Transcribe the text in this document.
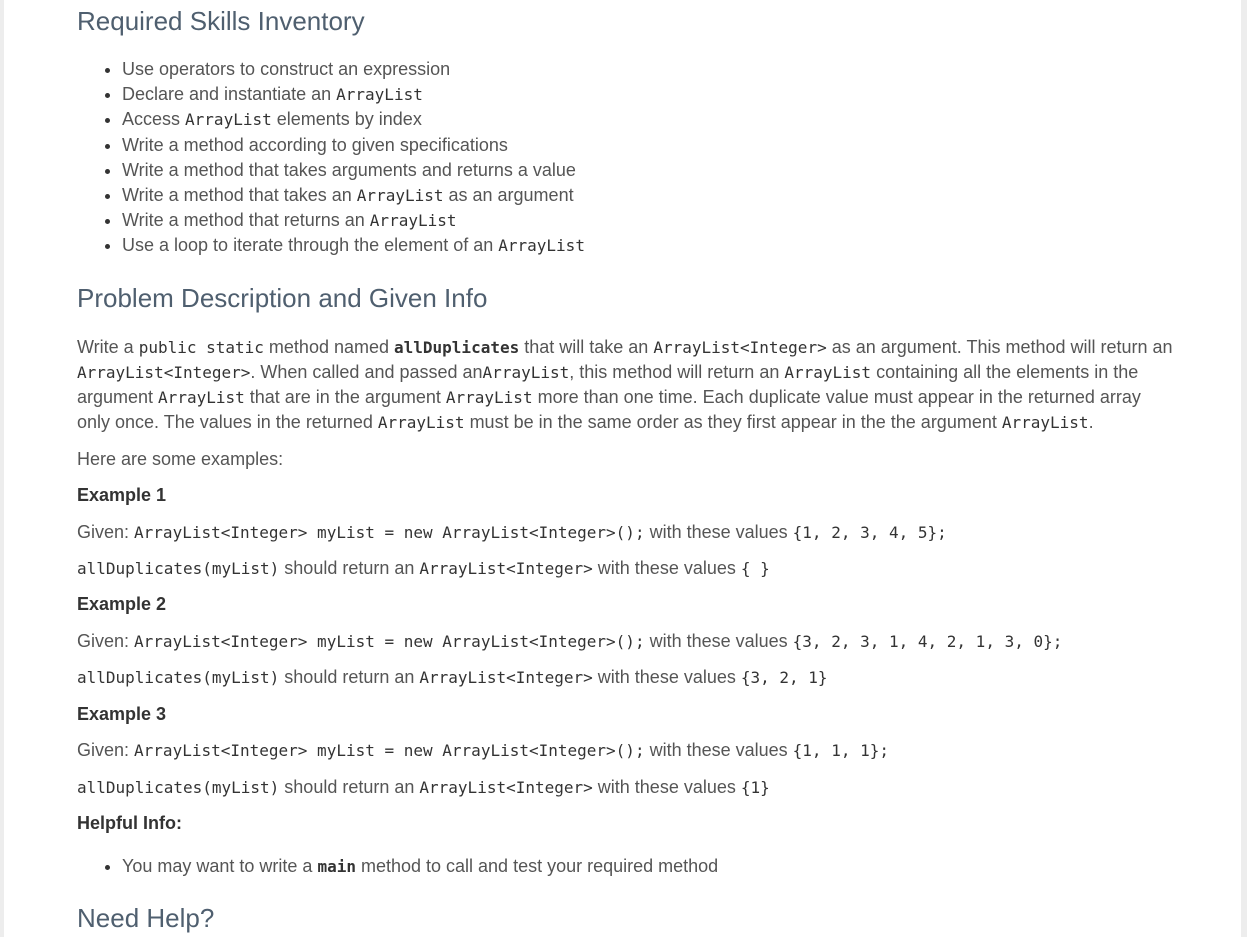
Required Skills Inventory
• Use operators to construct an expression
• Declare and instantiate an ArrayList
• Access ArrayList elements by index
• Write a method according to given specifications
• Write a method that takes arguments and returns a value
• Write a method that takes an ArrayList as an argument
• Write a method that returns an ArrayList
• Use a loop to iterate through the element of an ArrayList
Problem Description and Given Info

Write a public static method named allDuplicates that will take an ArrayList<Integer> as an argument. This method will return an ArrayList<Integer>. When called and passed anArrayList, this method will return an ArrayList containing all the elements in the argument ArrayList that are in the argument ArrayList more than one time. Each duplicate value must appear in the returned array only once. The values in the returned ArrayList must be in the same order as they first appear in the the argument ArrayList.

Here are some examples:

Example 1

Given: ArrayList<Integer> myList = new ArrayList<Integer>(); with these values {1, 2, 3, 4, 5};

allDuplicates(myList) should return an ArrayList<Integer> with these values { }

Example 2

Given: ArrayList<Integer> myList = new ArrayList<Integer>(); with these values {3, 2, 3, 1, 4, 2, 1, 3, 0};

allDuplicates(myList) should return an ArrayList<Integer> with these values {3, 2, 1}

Example 3

Given: ArrayList<Integer> myList = new ArrayList<Integer>(); with these values {1, 1, 1};

allDuplicates(myList) should return an ArrayList<Integer> with these values {1}

Helpful Info:

• You may want to write a main method to call and test your required method
Need Help?
